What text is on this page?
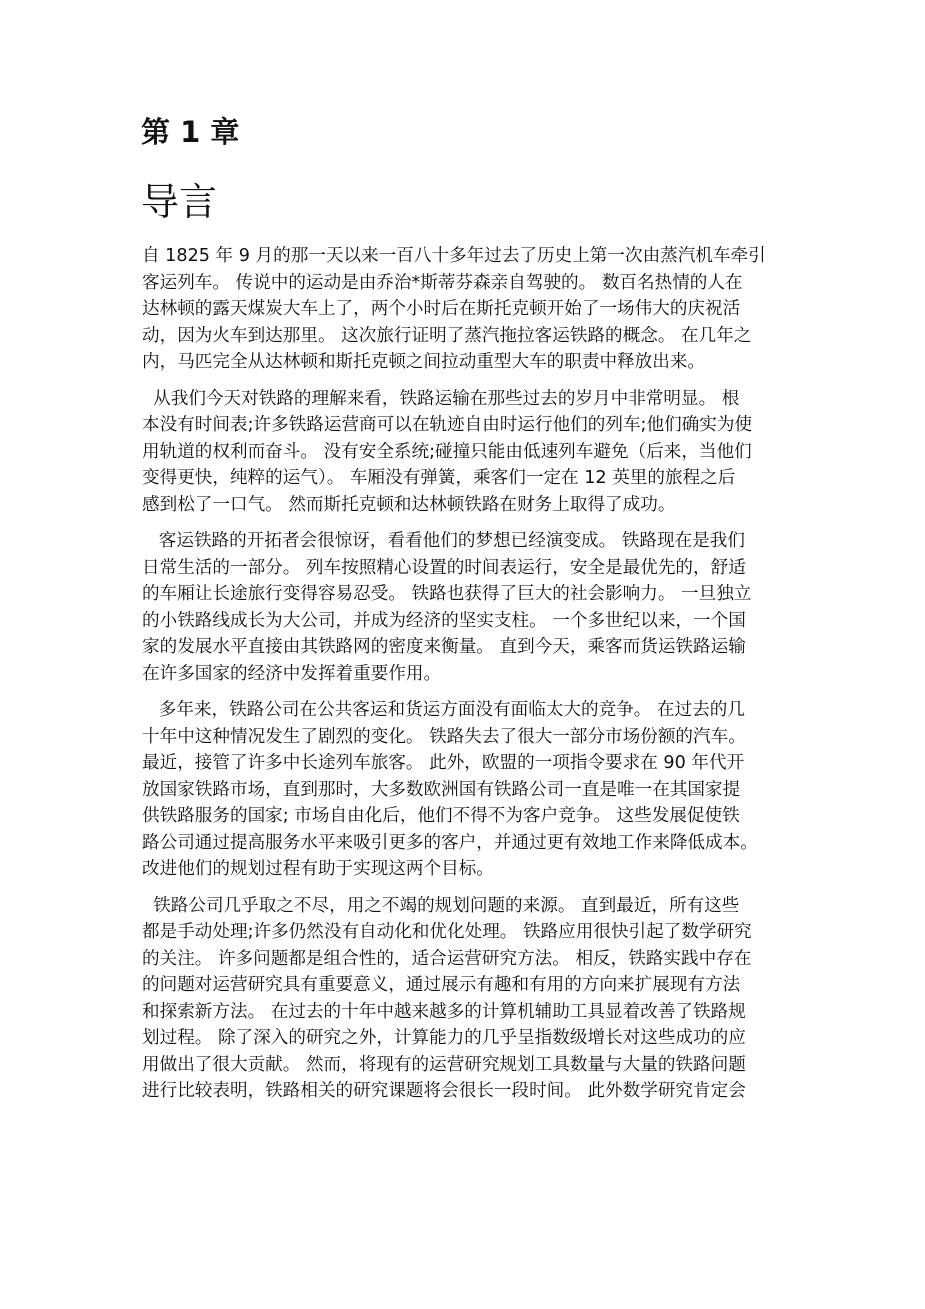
第 1 章
导言

自 1825 年 9 月的那一天以来一百八十多年过去了历史上第一次由蒸汽机车牵引
客运列车。 传说中的运动是由乔治*斯蒂芬森亲自驾驶的。 数百名热情的人在
达林顿的露天煤炭大车上了，两个小时后在斯托克顿开始了一场伟大的庆祝活
动，因为火车到达那里。 这次旅行证明了蒸汽拖拉客运铁路的概念。 在几年之
内，马匹完全从达林顿和斯托克顿之间拉动重型大车的职责中释放出来。

从我们今天对铁路的理解来看，铁路运输在那些过去的岁月中非常明显。 根
本没有时间表;许多铁路运营商可以在轨迹自由时运行他们的列车;他们确实为使
用轨道的权利而奋斗。 没有安全系统;碰撞只能由低速列车避免（后来，当他们
变得更快，纯粹的运气）。 车厢没有弹簧，乘客们一定在 12 英里的旅程之后
感到松了一口气。 然而斯托克顿和达林顿铁路在财务上取得了成功。

客运铁路的开拓者会很惊讶，看看他们的梦想已经演变成。 铁路现在是我们
日常生活的一部分。 列车按照精心设置的时间表运行，安全是最优先的，舒适
的车厢让长途旅行变得容易忍受。 铁路也获得了巨大的社会影响力。 一旦独立
的小铁路线成长为大公司，并成为经济的坚实支柱。 一个多世纪以来，一个国
家的发展水平直接由其铁路网的密度来衡量。 直到今天，乘客而货运铁路运输
在许多国家的经济中发挥着重要作用。

多年来，铁路公司在公共客运和货运方面没有面临太大的竞争。 在过去的几
十年中这种情况发生了剧烈的变化。 铁路失去了很大一部分市场份额的汽车。
最近，接管了许多中长途列车旅客。 此外，欧盟的一项指令要求在 90 年代开
放国家铁路市场，直到那时，大多数欧洲国有铁路公司一直是唯一在其国家提
供铁路服务的国家; 市场自由化后，他们不得不为客户竞争。 这些发展促使铁
路公司通过提高服务水平来吸引更多的客户，并通过更有效地工作来降低成本。
改进他们的规划过程有助于实现这两个目标。

铁路公司几乎取之不尽，用之不竭的规划问题的来源。 直到最近，所有这些
都是手动处理;许多仍然没有自动化和优化处理。 铁路应用很快引起了数学研究
的关注。 许多问题都是组合性的，适合运营研究方法。 相反，铁路实践中存在
的问题对运营研究具有重要意义，通过展示有趣和有用的方向来扩展现有方法
和探索新方法。 在过去的十年中越来越多的计算机辅助工具显着改善了铁路规
划过程。 除了深入的研究之外，计算能力的几乎呈指数级增长对这些成功的应
用做出了很大贡献。 然而，将现有的运营研究规划工具数量与大量的铁路问题
进行比较表明，铁路相关的研究课题将会很长一段时间。 此外数学研究肯定会
